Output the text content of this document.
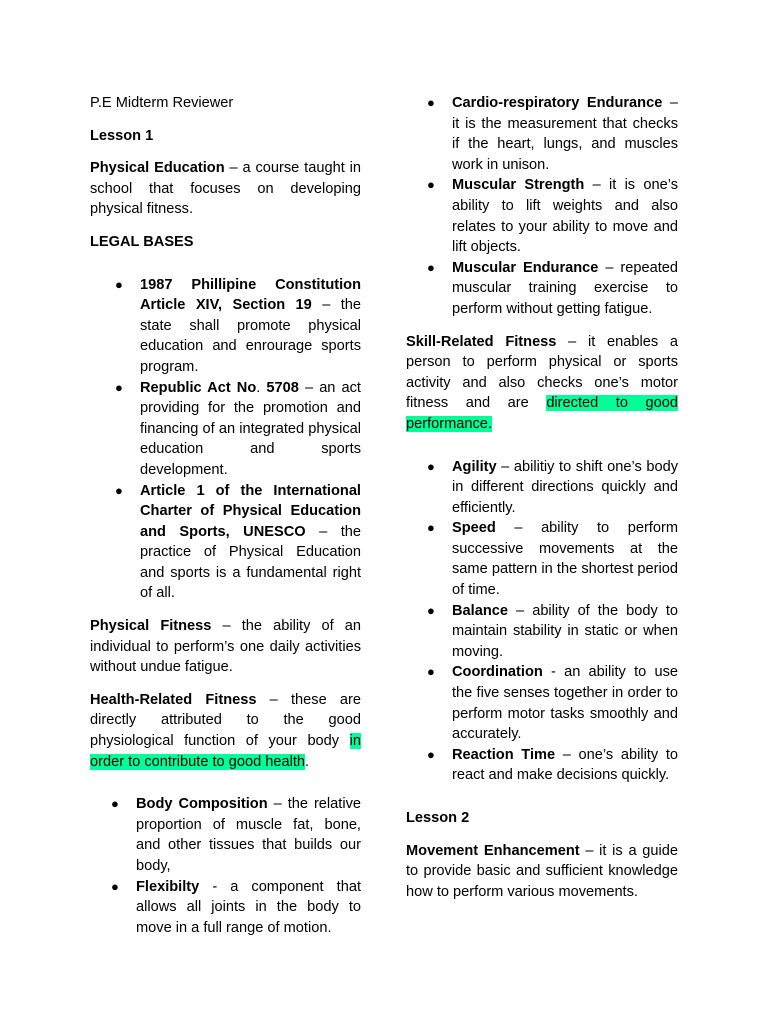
P.E Midterm Reviewer

Lesson 1

Physical Education – a course taught in school that focuses on developing physical fitness.

LEGAL BASES

● 1987 Phillipine Constitution Article XIV, Section 19 – the state shall promote physical education and enrourage sports program.
● Republic Act No. 5708 – an act providing for the promotion and financing of an integrated physical education and sports development.
● Article 1 of the International Charter of Physical Education and Sports, UNESCO – the practice of Physical Education and sports is a fundamental right of all.

Physical Fitness – the ability of an individual to perform’s one daily activities without undue fatigue.

Health-Related Fitness – these are directly attributed to the good physiological function of your body in order to contribute to good health.

● Body Composition – the relative proportion of muscle fat, bone, and other tissues that builds our body,
● Flexibilty - a component that allows all joints in the body to move in a full range of motion.
● Cardio-respiratory Endurance – it is the measurement that checks if the heart, lungs, and muscles work in unison.
● Muscular Strength – it is one’s ability to lift weights and also relates to your ability to move and lift objects.
● Muscular Endurance – repeated muscular training exercise to perform without getting fatigue.

Skill-Related Fitness – it enables a person to perform physical or sports activity and also checks one’s motor fitness and are directed to good performance.

● Agility – abilitiy to shift one’s body in different directions quickly and efficiently.
● Speed – ability to perform successive movements at the same pattern in the shortest period of time.
● Balance – ability of the body to maintain stability in static or when moving.
● Coordination - an ability to use the five senses together in order to perform motor tasks smoothly and accurately.
● Reaction Time – one’s ability to react and make decisions quickly.

Lesson 2

Movement Enhancement – it is a guide to provide basic and sufficient knowledge how to perform various movements.
